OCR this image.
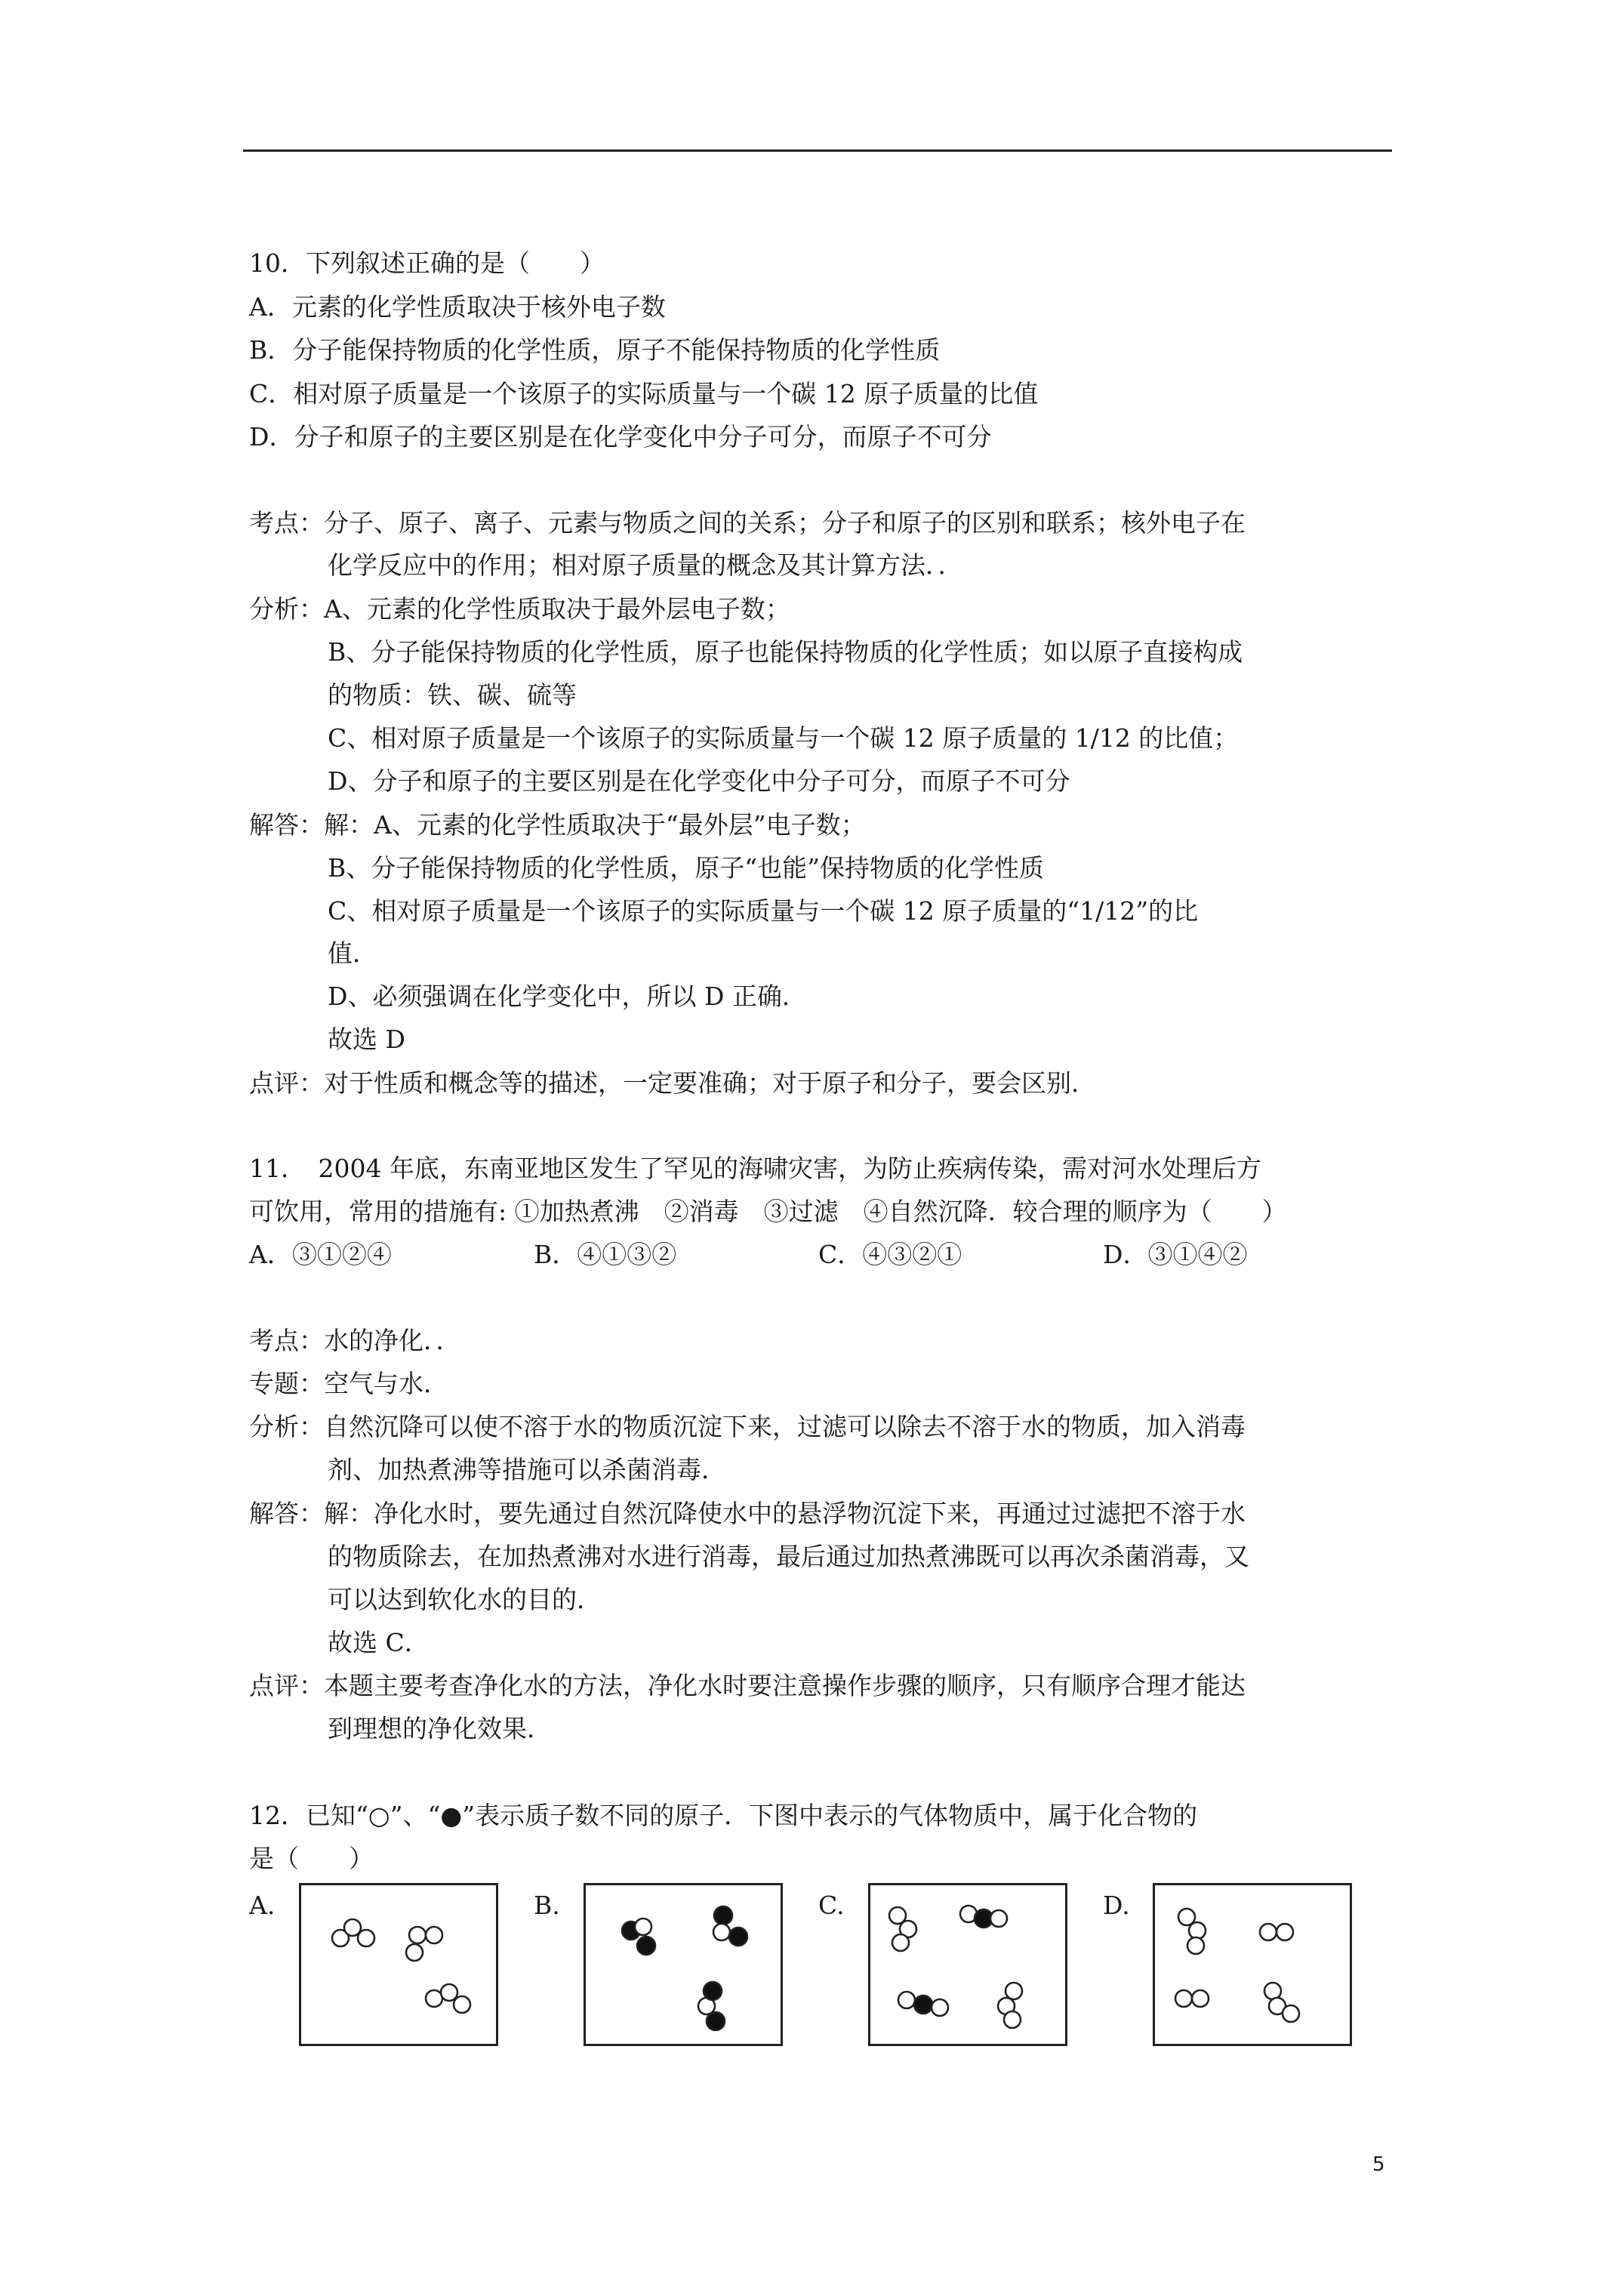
10．下列叙述正确的是（　　）
A．元素的化学性质取决于核外电子数
B．分子能保持物质的化学性质，原子不能保持物质的化学性质
C．相对原子质量是一个该原子的实际质量与一个碳 12 原子质量的比值
D．分子和原子的主要区别是在化学变化中分子可分，而原子不可分
考点：分子、原子、离子、元素与物质之间的关系；分子和原子的区别和联系；核外电子在
化学反应中的作用；相对原子质量的概念及其计算方法．．
分析：A、元素的化学性质取决于最外层电子数；
B、分子能保持物质的化学性质，原子也能保持物质的化学性质；如以原子直接构成
的物质：铁、碳、硫等
C、相对原子质量是一个该原子的实际质量与一个碳 12 原子质量的 1/12 的比值；
D、分子和原子的主要区别是在化学变化中分子可分，而原子不可分
解答：解：A、元素的化学性质取决于“最外层”电子数；
B、分子能保持物质的化学性质，原子“也能”保持物质的化学性质
C、相对原子质量是一个该原子的实际质量与一个碳 12 原子质量的“1/12”的比
值．
D、必须强调在化学变化中，所以 D 正确．
故选 D
点评：对于性质和概念等的描述，一定要准确；对于原子和分子，要会区别．
11．　2004 年底，东南亚地区发生了罕见的海啸灾害，为防止疾病传染，需对河水处理后方
可饮用，常用的措施有: ①加热煮沸　②消毒　③过滤　④自然沉降．较合理的顺序为（　　）
A．③①②④	B．④①③②	C．④③②①	D．③①④②
考点：水的净化．．
专题：空气与水．
分析：自然沉降可以使不溶于水的物质沉淀下来，过滤可以除去不溶于水的物质，加入消毒
剂、加热煮沸等措施可以杀菌消毒．
解答：解：净化水时，要先通过自然沉降使水中的悬浮物沉淀下来，再通过过滤把不溶于水
的物质除去，在加热煮沸对水进行消毒，最后通过加热煮沸既可以再次杀菌消毒，又
可以达到软化水的目的．
故选 C．
点评：本题主要考查净化水的方法，净化水时要注意操作步骤的顺序，只有顺序合理才能达
到理想的净化效果．
12．已知“○”、“●”表示质子数不同的原子．下图中表示的气体物质中，属于化合物的
是（　　）
A.	B.	C.	D.
5
